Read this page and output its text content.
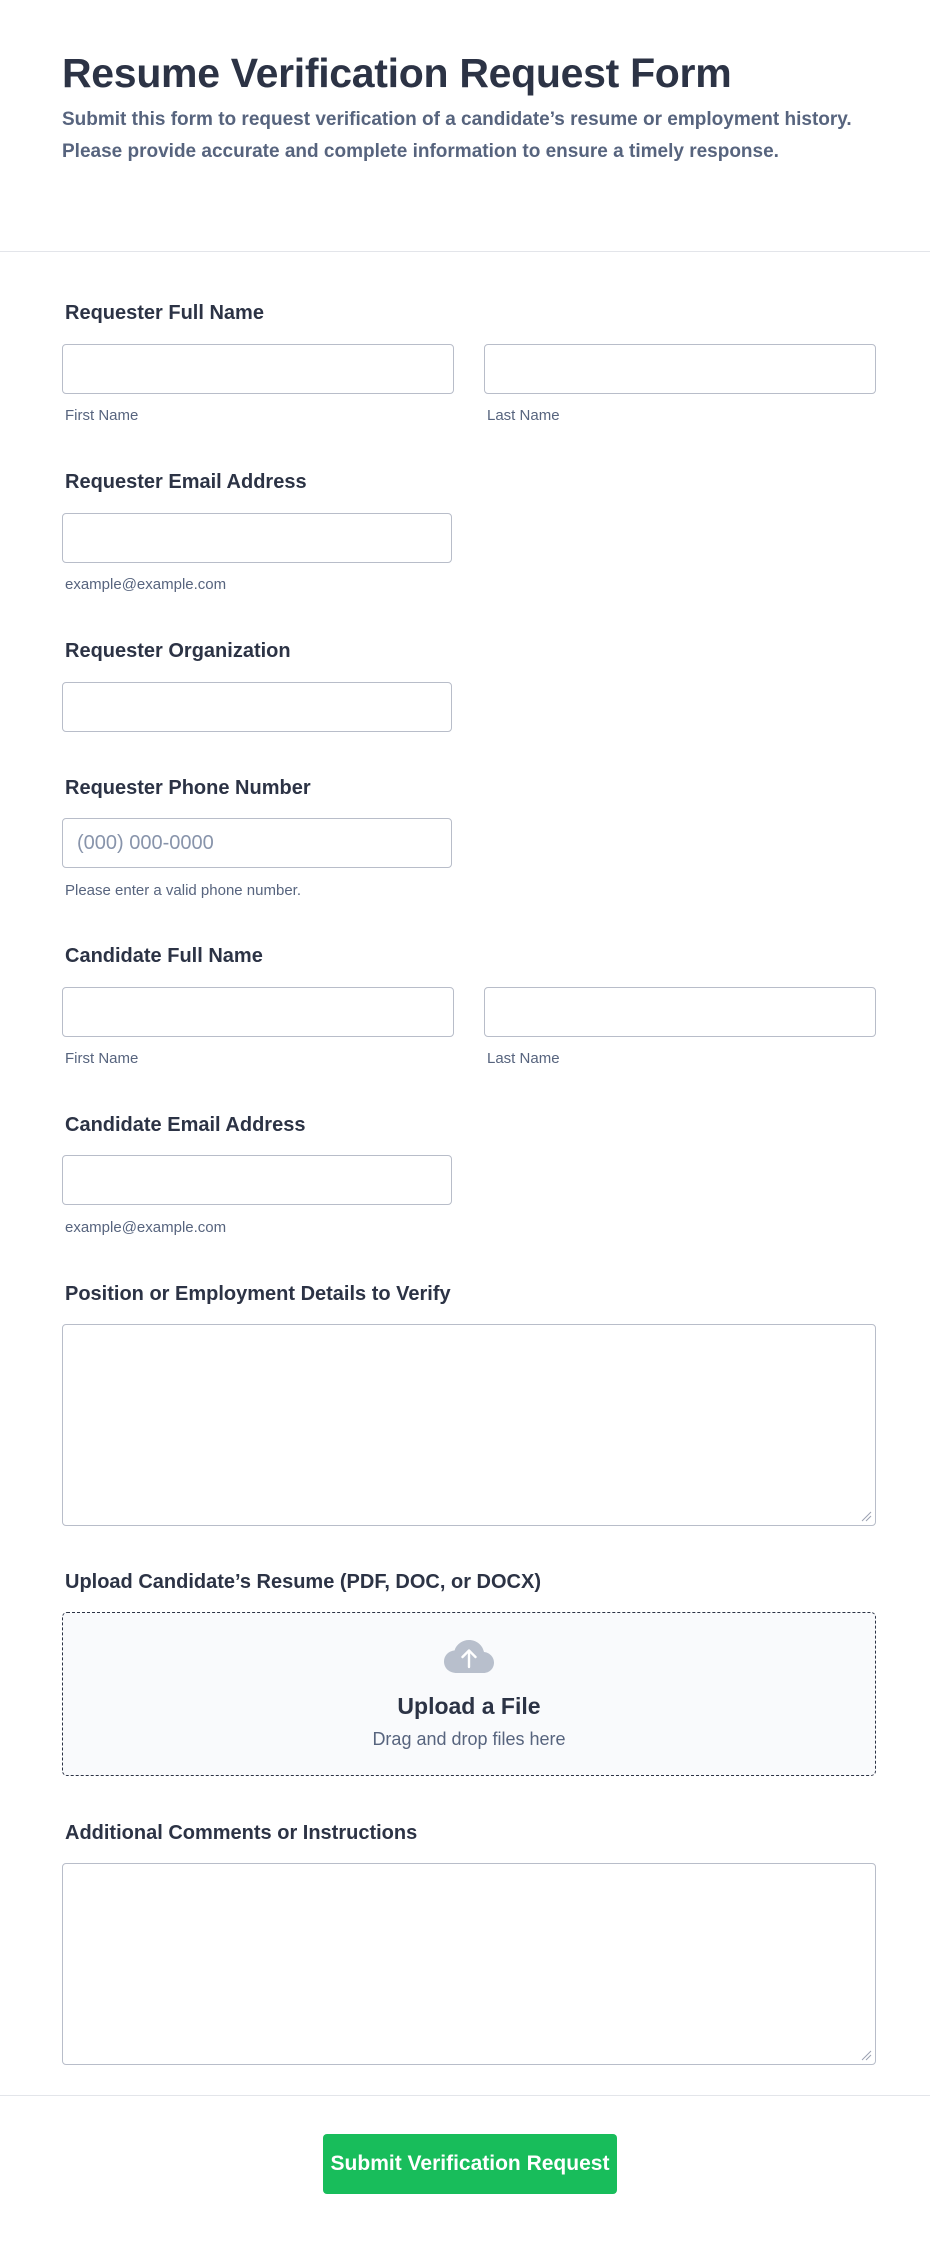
Resume Verification Request Form

Submit this form to request verification of a candidate’s resume or employment history. Please provide accurate and complete information to ensure a timely response.

Requester Full Name
First Name	Last Name
Requester Email Address
example@example.com
Requester Organization
Requester Phone Number
(000) 000-0000
Please enter a valid phone number.
Candidate Full Name
First Name	Last Name
Candidate Email Address
example@example.com
Position or Employment Details to Verify
Upload Candidate’s Resume (PDF, DOC, or DOCX)
Upload a File
Drag and drop files here
Additional Comments or Instructions
Submit Verification Request
